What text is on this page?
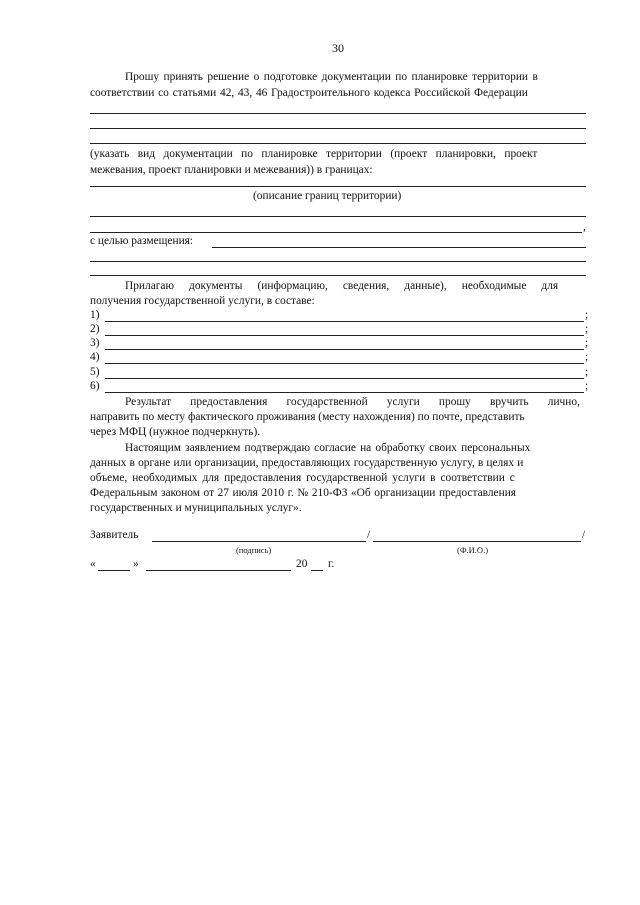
30
Прошу принять решение о подготовке документации по планировке территории в
соответствии со статьями 42, 43, 46 Градостроительного кодекса Российской Федерации
(указать вид документации по планировке территории (проект планировки, проект
межевания, проект планировки и межевания)) в границах:
(описание границ территории)
,
с целью размещения:
Прилагаю документы (информацию, сведения, данные), необходимые для
получения государственной услуги, в составе:
1)	;
2)	;
3)	;
4)	;
5)	;
6)	;
Результат предоставления государственной услуги прошу вручить лично,
направить по месту фактического проживания (месту нахождения) по почте, представить
через МФЦ (нужное подчеркнуть).
Настоящим заявлением подтверждаю согласие на обработку своих персональных
данных в органе или организации, предоставляющих государственную услугу, в целях и
объеме, необходимых для предоставления государственной услуги в соответствии с
Федеральным законом от 27 июля 2010 г. № 210-ФЗ «Об организации предоставления
государственных и муниципальных услуг».
Заявитель	/	/
(подпись)	(Ф.И.О.)
«	»	20 г.
